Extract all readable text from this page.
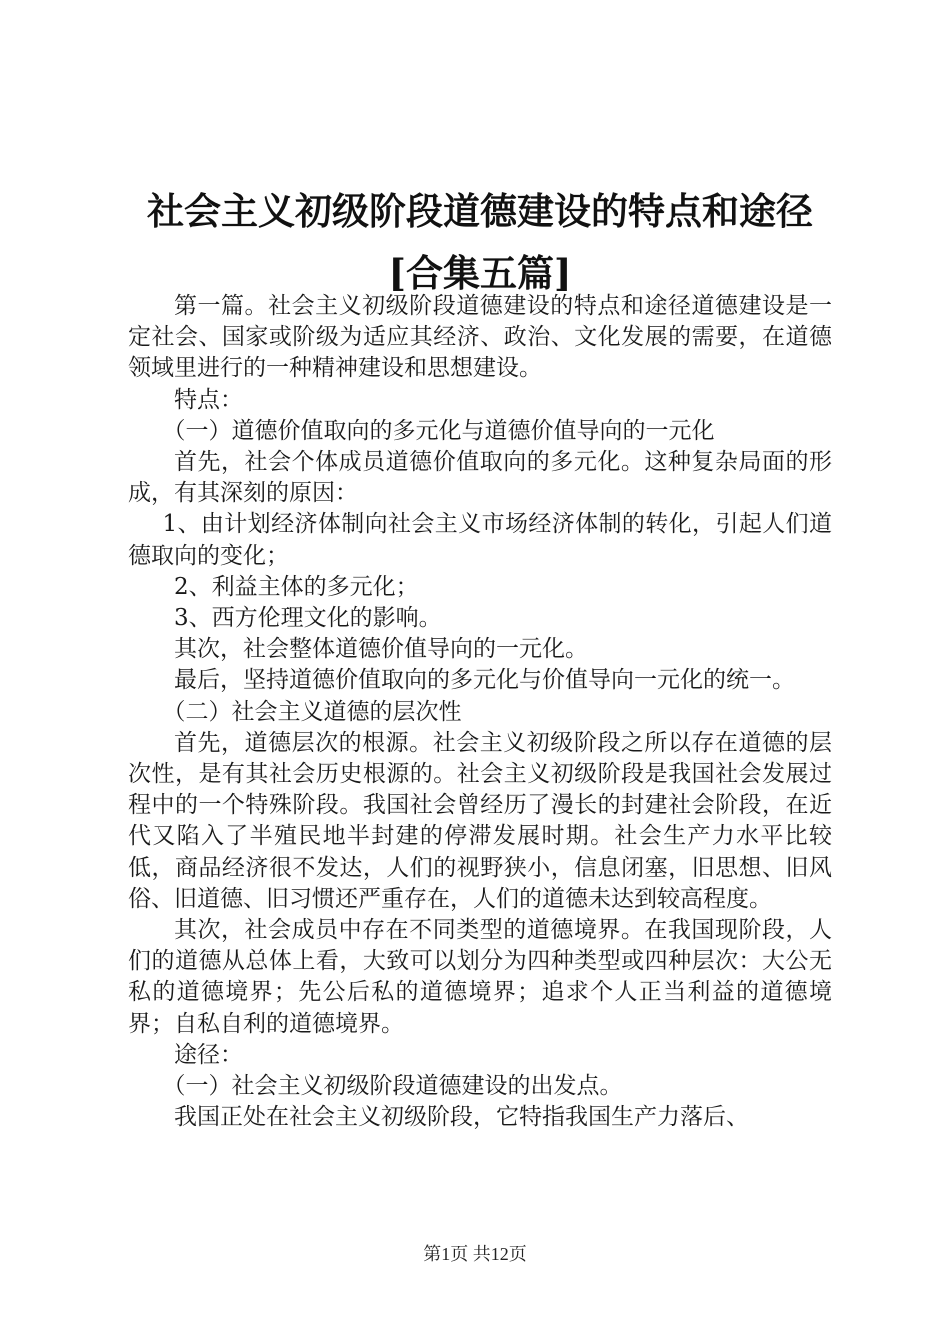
社会主义初级阶段道德建设的特点和途径[合集五篇]

第一篇。社会主义初级阶段道德建设的特点和途径道德建设是一定社会、国家或阶级为适应其经济、政治、文化发展的需要，在道德领域里进行的一种精神建设和思想建设。

特点：

（一）道德价值取向的多元化与道德价值导向的一元化

首先，社会个体成员道德价值取向的多元化。这种复杂局面的形成，有其深刻的原因：

1、由计划经济体制向社会主义市场经济体制的转化，引起人们道德取向的变化；

2、利益主体的多元化；

3、西方伦理文化的影响。

其次，社会整体道德价值导向的一元化。

最后，坚持道德价值取向的多元化与价值导向一元化的统一。

（二）社会主义道德的层次性

首先，道德层次的根源。社会主义初级阶段之所以存在道德的层次性，是有其社会历史根源的。社会主义初级阶段是我国社会发展过程中的一个特殊阶段。我国社会曾经历了漫长的封建社会阶段，在近代又陷入了半殖民地半封建的停滞发展时期。社会生产力水平比较低，商品经济很不发达，人们的视野狭小，信息闭塞，旧思想、旧风俗、旧道德、旧习惯还严重存在，人们的道德未达到较高程度。

其次，社会成员中存在不同类型的道德境界。在我国现阶段，人们的道德从总体上看，大致可以划分为四种类型或四种层次：大公无私的道德境界；先公后私的道德境界；追求个人正当利益的道德境界；自私自利的道德境界。

途径：

（一）社会主义初级阶段道德建设的出发点。

我国正处在社会主义初级阶段，它特指我国生产力落后、

第1页 共12页
